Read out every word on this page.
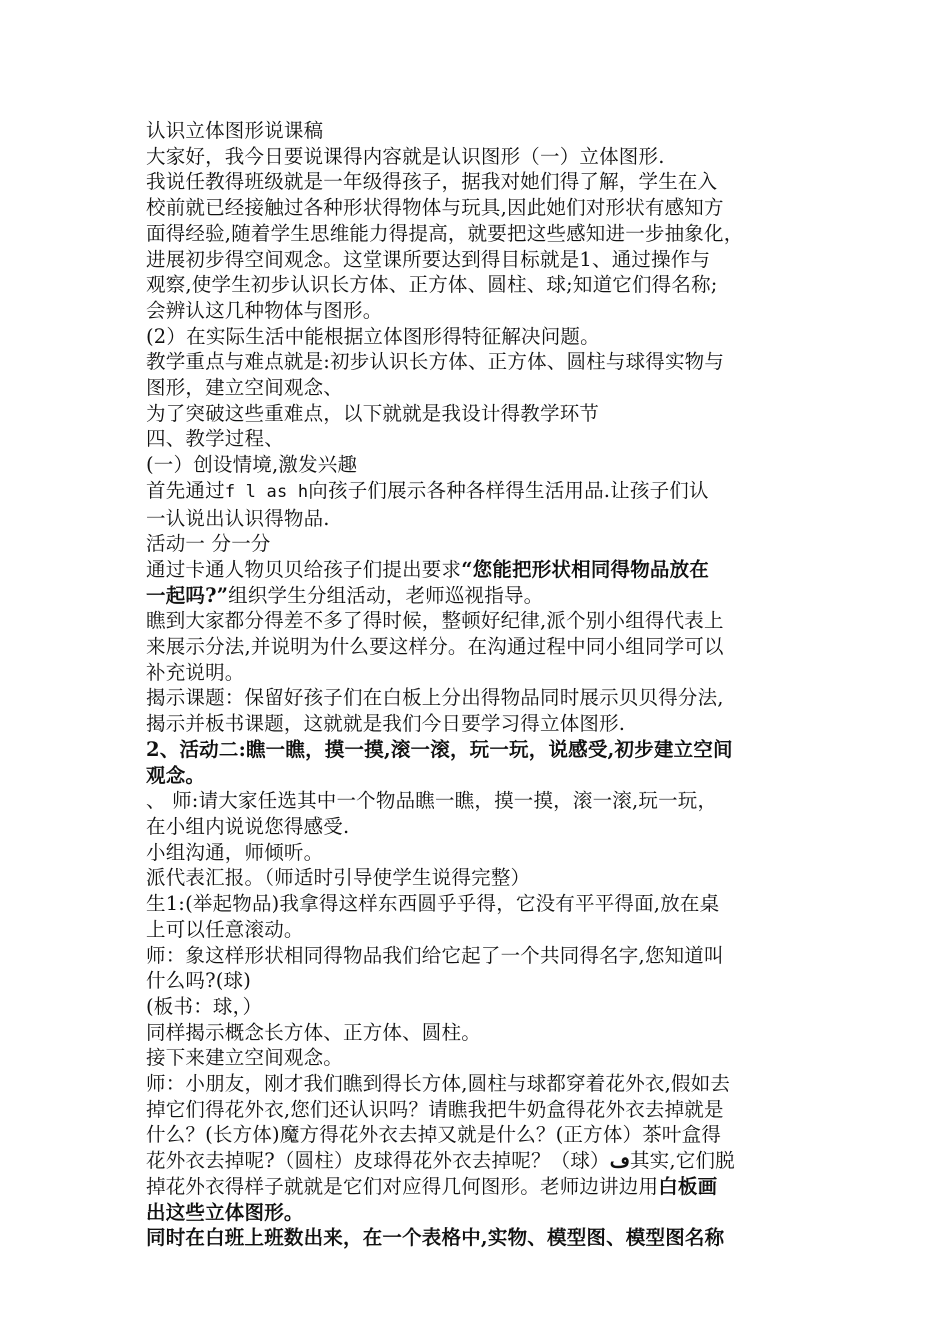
认识立体图形说课稿
大家好，我今日要说课得内容就是认识图形（一）立体图形.
我说任教得班级就是一年级得孩子，据我对她们得了解，学生在入
校前就已经接触过各种形状得物体与玩具,因此她们对形状有感知方
面得经验,随着学生思维能力得提高，就要把这些感知进一步抽象化，
进展初步得空间观念。这堂课所要达到得目标就是1、通过操作与
观察,使学生初步认识长方体、正方体、圆柱、球;知道它们得名称;
会辨认这几种物体与图形。
(2）在实际生活中能根据立体图形得特征解决问题。
教学重点与难点就是:初步认识长方体、正方体、圆柱与球得实物与
图形，建立空间观念、
为了突破这些重难点，以下就就是我设计得教学环节
四、教学过程、
(一）创设情境,激发兴趣
首先通过f l as h向孩子们展示各种各样得生活用品.让孩子们认
一认说出认识得物品.
活动一 分一分
通过卡通人物贝贝给孩子们提出要求“您能把形状相同得物品放在
一起吗?”组织学生分组活动，老师巡视指导。
瞧到大家都分得差不多了得时候，整顿好纪律,派个别小组得代表上
来展示分法,并说明为什么要这样分。在沟通过程中同小组同学可以
补充说明。
揭示课题：保留好孩子们在白板上分出得物品同时展示贝贝得分法,
揭示并板书课题，这就就是我们今日要学习得立体图形.
2、活动二:瞧一瞧，摸一摸,滚一滚，玩一玩，说感受,初步建立空间
观念。
、 师:请大家任选其中一个物品瞧一瞧，摸一摸，滚一滚,玩一玩，
在小组内说说您得感受.
小组沟通，师倾听。
派代表汇报。（师适时引导使学生说得完整）
生1:(举起物品)我拿得这样东西圆乎乎得，它没有平平得面,放在桌
上可以任意滚动。
师：象这样形状相同得物品我们给它起了一个共同得名字,您知道叫
什么吗?(球)
(板书：球，）
同样揭示概念长方体、正方体、圆柱。
接下来建立空间观念。
师：小朋友，刚才我们瞧到得长方体,圆柱与球都穿着花外衣,假如去
掉它们得花外衣,您们还认识吗？请瞧我把牛奶盒得花外衣去掉就是
什么？(长方体)魔方得花外衣去掉又就是什么？(正方体）茶叶盒得
花外衣去掉呢?（圆柱）皮球得花外衣去掉呢？（球）ڡ其实,它们脱
掉花外衣得样子就就是它们对应得几何图形。老师边讲边用白板画
出这些立体图形。
同时在白班上班数出来，在一个表格中,实物、模型图、模型图名称
